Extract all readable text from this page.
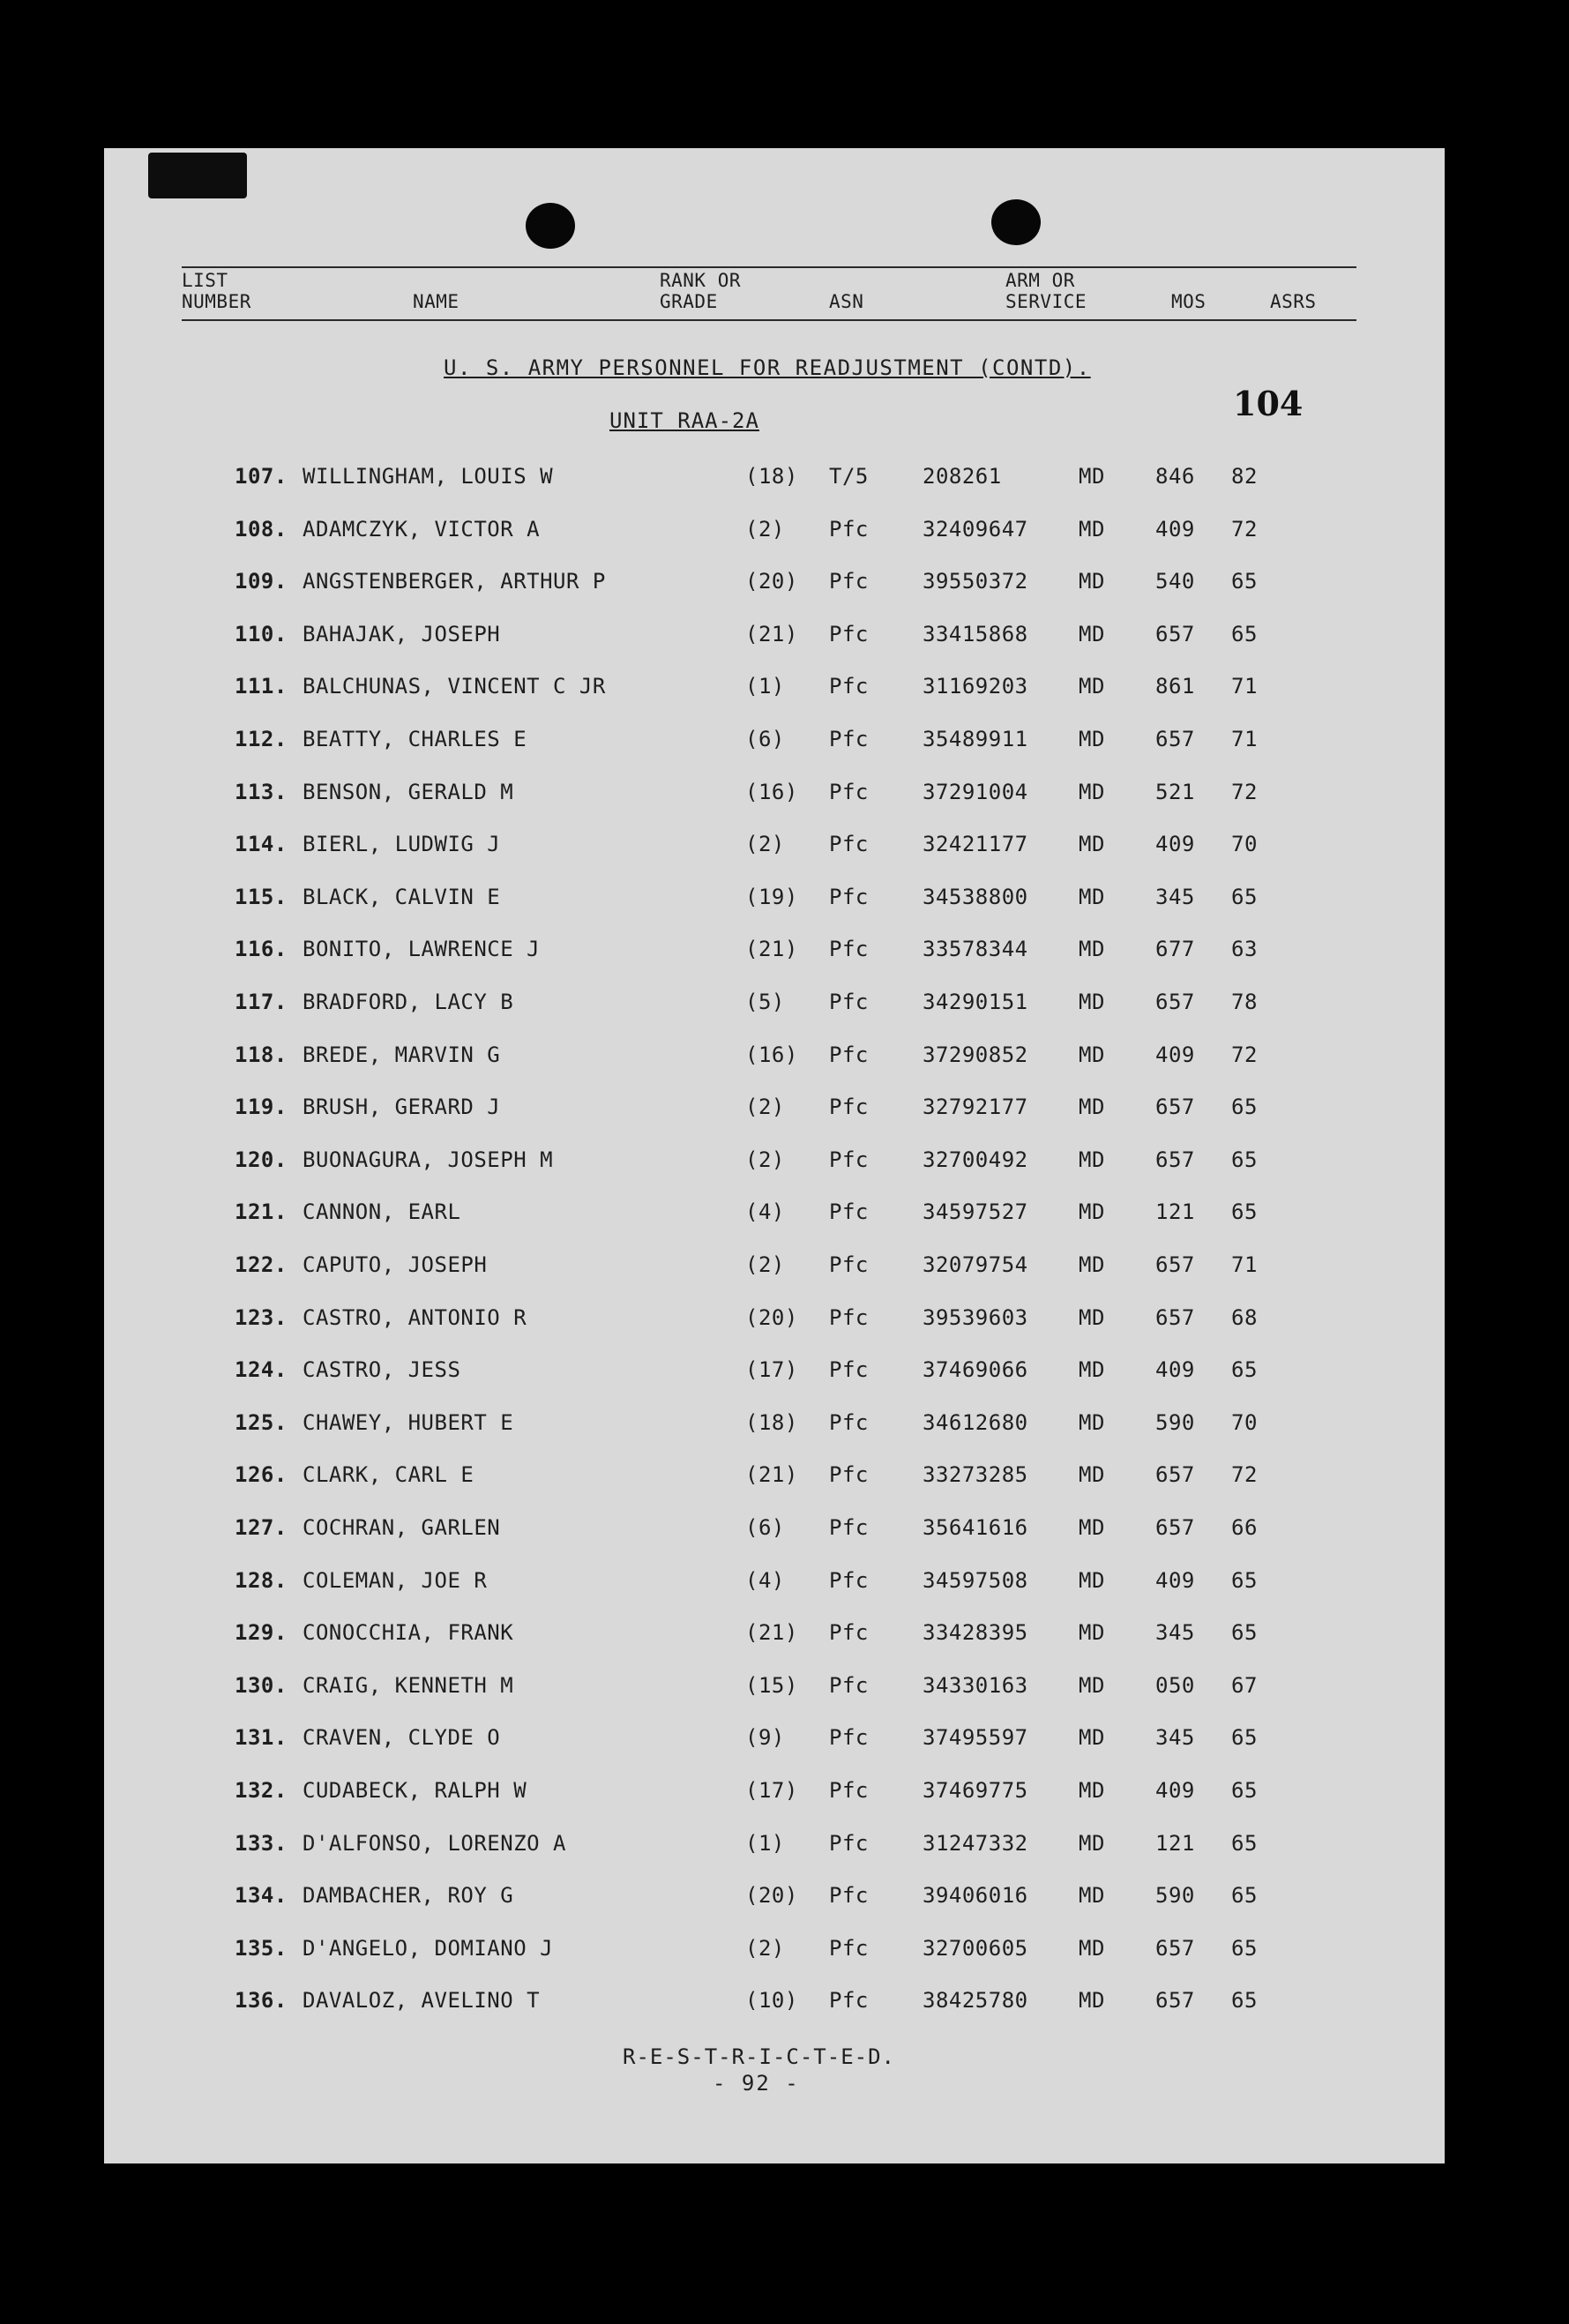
LIST
NUMBER	NAME
RANK OR
GRADE	ASN
ARM OR
SERVICE	MOS	ASRS
U. S. ARMY PERSONNEL FOR READJUSTMENT (CONTD).
UNIT RAA-2A
107. WILLINGHAM, LOUIS W	(18) T/5	208261	MD 846 82
108. ADAMCZYK, VICTOR A	(2) Pfc	32409647 MD 409 72
109. ANGSTENBERGER, ARTHUR P	(20) Pfc	39550372 MD 540 65
110. BAHAJAK, JOSEPH	(21) Pfc	33415868 MD 657 65
111. BALCHUNAS, VINCENT C JR	(1) Pfc	31169203 MD 861 71
112. BEATTY, CHARLES E	(6) Pfc	35489911 MD 657 71
113. BENSON, GERALD M	(16) Pfc	37291004 MD 521 72
114. BIERL, LUDWIG J	(2) Pfc	32421177 MD 409 70
115. BLACK, CALVIN E	(19) Pfc	34538800 MD 345 65
116. BONITO, LAWRENCE J	(21) Pfc	33578344 MD 677 63
117. BRADFORD, LACY B	(5) Pfc	34290151 MD 657 78
118. BREDE, MARVIN G	(16) Pfc	37290852 MD 409 72
119. BRUSH, GERARD J	(2) Pfc	32792177 MD 657 65
120. BUONAGURA, JOSEPH M	(2) Pfc	32700492 MD 657 65
121. CANNON, EARL	(4) Pfc	34597527 MD 121 65
122. CAPUTO, JOSEPH	(2) Pfc	32079754 MD 657 71
123. CASTRO, ANTONIO R	(20) Pfc	39539603 MD 657 68
124. CASTRO, JESS	(17) Pfc	37469066 MD 409 65
125. CHAWEY, HUBERT E	(18) Pfc	34612680 MD 590 70
126. CLARK, CARL E	(21) Pfc	33273285 MD 657 72
127. COCHRAN, GARLEN	(6) Pfc	35641616 MD 657 66
128. COLEMAN, JOE R	(4) Pfc	34597508 MD 409 65
129. CONOCCHIA, FRANK	(21) Pfc	33428395 MD 345 65
130. CRAIG, KENNETH M	(15) Pfc	34330163 MD 050 67
131. CRAVEN, CLYDE O	(9) Pfc	37495597 MD 345 65
132. CUDABECK, RALPH W	(17) Pfc	37469775 MD 409 65
133. D'ALFONSO, LORENZO A	(1) Pfc	31247332 MD 121 65
134. DAMBACHER, ROY G	(20) Pfc	39406016 MD 590 65
135. D'ANGELO, DOMIANO J	(2) Pfc	32700605 MD 657 65
136. DAVALOZ, AVELINO T	(10) Pfc	38425780 MD 657 65
R-E-S-T-R-I-C-T-E-D.
- 92 -
104
